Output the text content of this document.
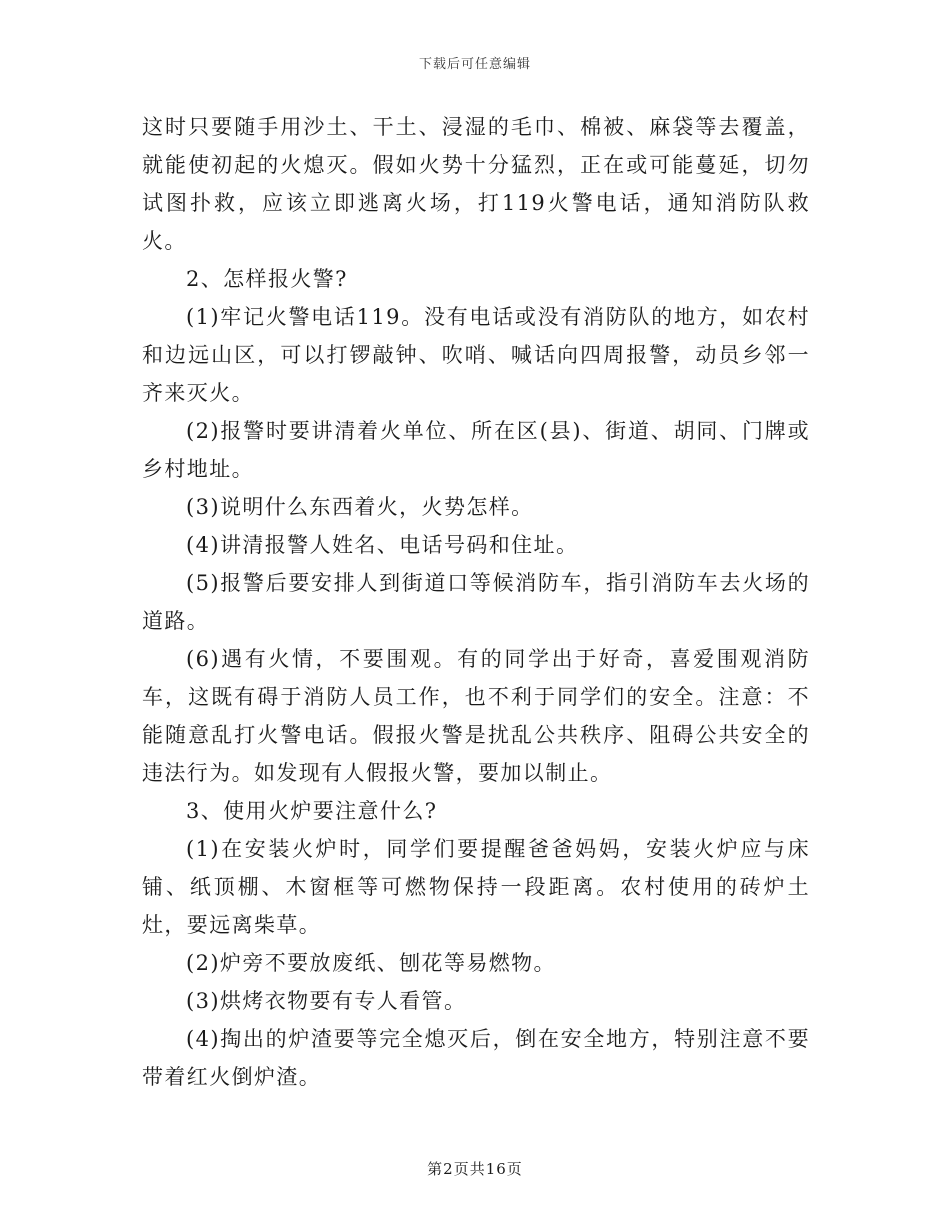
下载后可任意编辑

这时只要随手用沙土、干土、浸湿的毛巾、棉被、麻袋等去覆盖，就能使初起的火熄灭。假如火势十分猛烈，正在或可能蔓延，切勿试图扑救，应该立即逃离火场，打119火警电话，通知消防队救火。

2、怎样报火警?

(1)牢记火警电话119。没有电话或没有消防队的地方，如农村和边远山区，可以打锣敲钟、吹哨、喊话向四周报警，动员乡邻一齐来灭火。

(2)报警时要讲清着火单位、所在区(县)、街道、胡同、门牌或乡村地址。

(3)说明什么东西着火，火势怎样。

(4)讲清报警人姓名、电话号码和住址。

(5)报警后要安排人到街道口等候消防车，指引消防车去火场的道路。

(6)遇有火情，不要围观。有的同学出于好奇，喜爱围观消防车，这既有碍于消防人员工作，也不利于同学们的安全。注意：不能随意乱打火警电话。假报火警是扰乱公共秩序、阻碍公共安全的违法行为。如发现有人假报火警，要加以制止。

3、使用火炉要注意什么?

(1)在安装火炉时，同学们要提醒爸爸妈妈，安装火炉应与床铺、纸顶棚、木窗框等可燃物保持一段距离。农村使用的砖炉土灶，要远离柴草。

(2)炉旁不要放废纸、刨花等易燃物。

(3)烘烤衣物要有专人看管。

(4)掏出的炉渣要等完全熄灭后，倒在安全地方，特别注意不要带着红火倒炉渣。

第2页共16页
